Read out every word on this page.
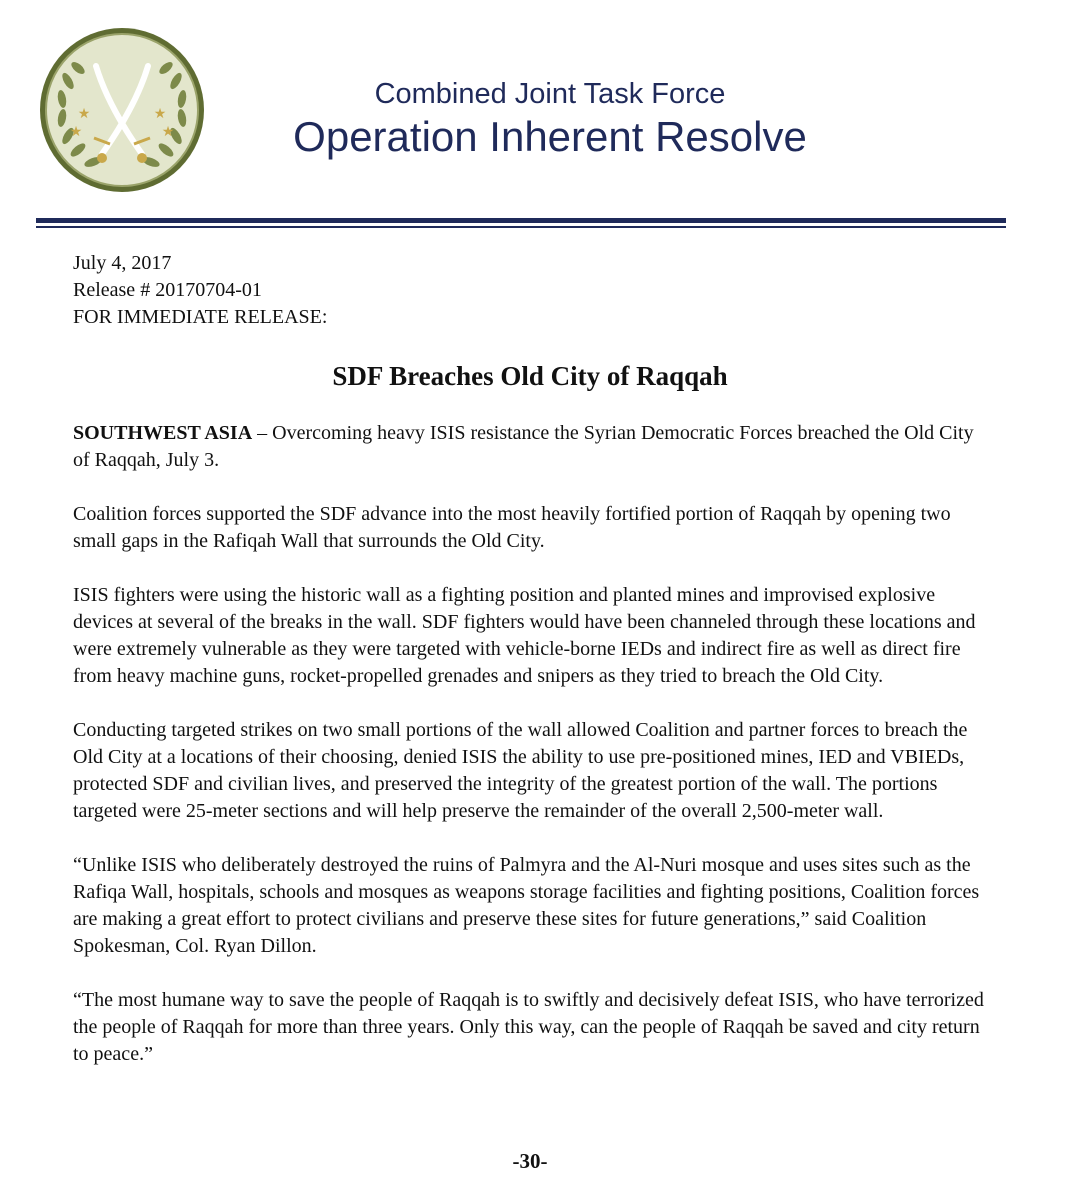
★
★
★
★
Combined Joint Task Force
Operation Inherent Resolve
July 4, 2017
Release # 20170704-01
FOR IMMEDIATE RELEASE:
SDF Breaches Old City of Raqqah

SOUTHWEST ASIA – Overcoming heavy ISIS resistance the Syrian Democratic Forces breached the Old City of Raqqah, July 3.

Coalition forces supported the SDF advance into the most heavily fortified portion of Raqqah by opening two small gaps in the Rafiqah Wall that surrounds the Old City.

ISIS fighters were using the historic wall as a fighting position and planted mines and improvised explosive devices at several of the breaks in the wall. SDF fighters would have been channeled through these locations and were extremely vulnerable as they were targeted with vehicle-borne IEDs and indirect fire as well as direct fire from heavy machine guns, rocket-propelled grenades and snipers as they tried to breach the Old City.

Conducting targeted strikes on two small portions of the wall allowed Coalition and partner forces to breach the Old City at a locations of their choosing, denied ISIS the ability to use pre-positioned mines, IED and VBIEDs, protected SDF and civilian lives, and preserved the integrity of the greatest portion of the wall. The portions targeted were 25-meter sections and will help preserve the remainder of the overall 2,500-meter wall.

“Unlike ISIS who deliberately destroyed the ruins of Palmyra and the Al-Nuri mosque and uses sites such as the Rafiqa Wall, hospitals, schools and mosques as weapons storage facilities and fighting positions, Coalition forces are making a great effort to protect civilians and preserve these sites for future generations,” said Coalition Spokesman, Col. Ryan Dillon.

“The most humane way to save the people of Raqqah is to swiftly and decisively defeat ISIS, who have terrorized the people of Raqqah for more than three years. Only this way, can the people of Raqqah be saved and city return to peace.”

-30-
